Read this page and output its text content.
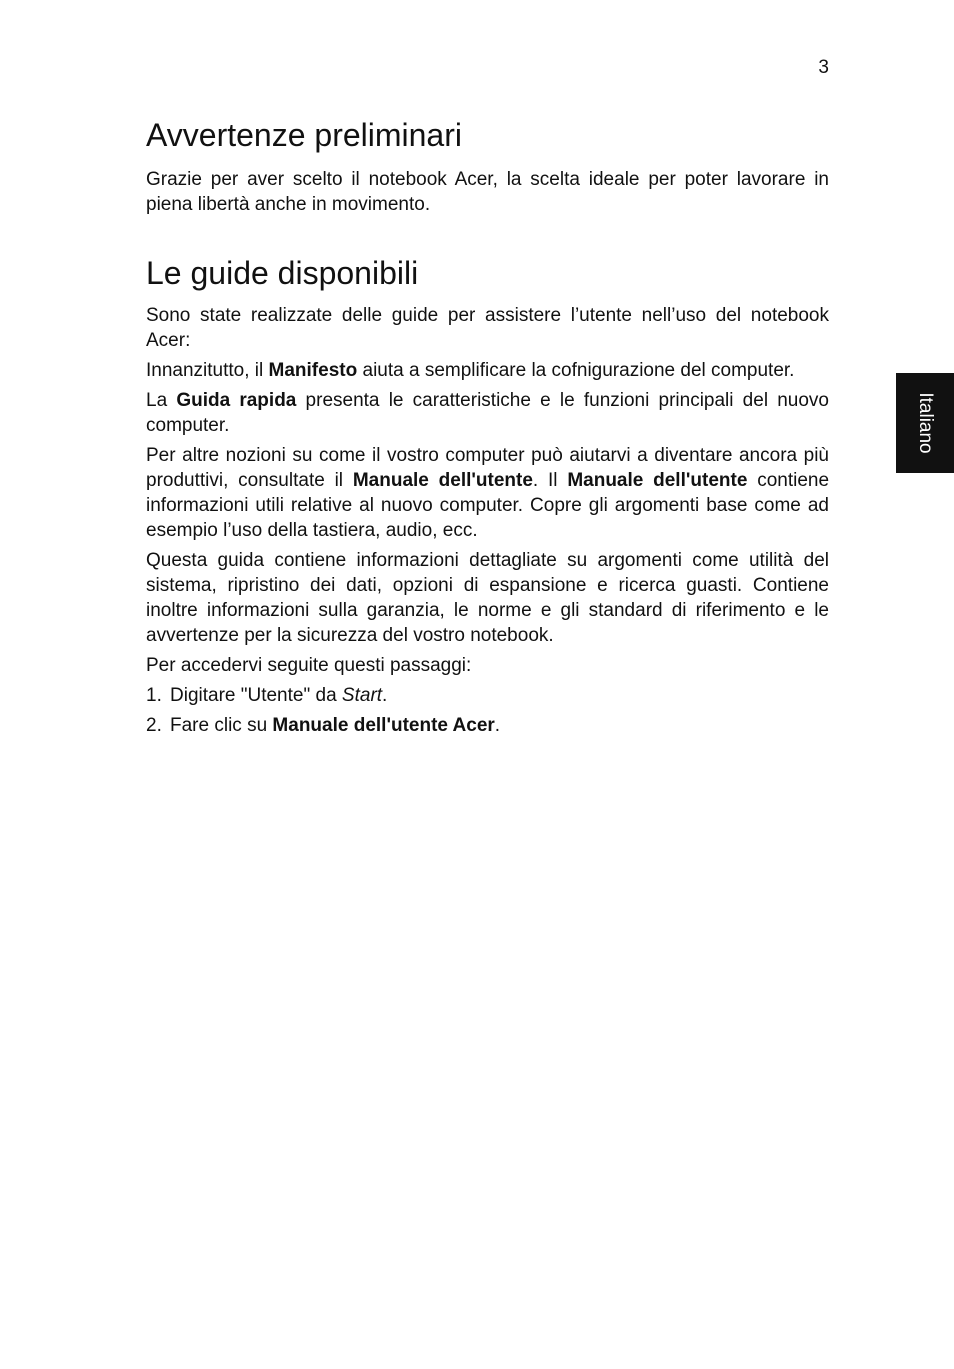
3
Italiano
Avvertenze preliminari

Grazie per aver scelto il notebook Acer, la scelta ideale per poter lavorare in piena libertà anche in movimento.

Le guide disponibili

Sono state realizzate delle guide per assistere l’utente nell’uso del notebook Acer:

Innanzitutto, il Manifesto aiuta a semplificare la cofnigurazione del computer.

La Guida rapida presenta le caratteristiche e le funzioni principali del nuovo computer.

Per altre nozioni su come il vostro computer può aiutarvi a diventare ancora più produttivi, consultate il Manuale dell'utente. Il Manuale dell'utente contiene informazioni utili relative al nuovo computer. Copre gli argomenti base come ad esempio l’uso della tastiera, audio, ecc.

Questa guida contiene informazioni dettagliate su argomenti come utilità del sistema, ripristino dei dati, opzioni di espansione e ricerca guasti. Contiene inoltre informazioni sulla garanzia, le norme e gli standard di riferimento e le avvertenze per la sicurezza del vostro notebook.

Per accedervi seguite questi passaggi:

1. Digitare "Utente" da Start.
2. Fare clic su Manuale dell'utente Acer.
